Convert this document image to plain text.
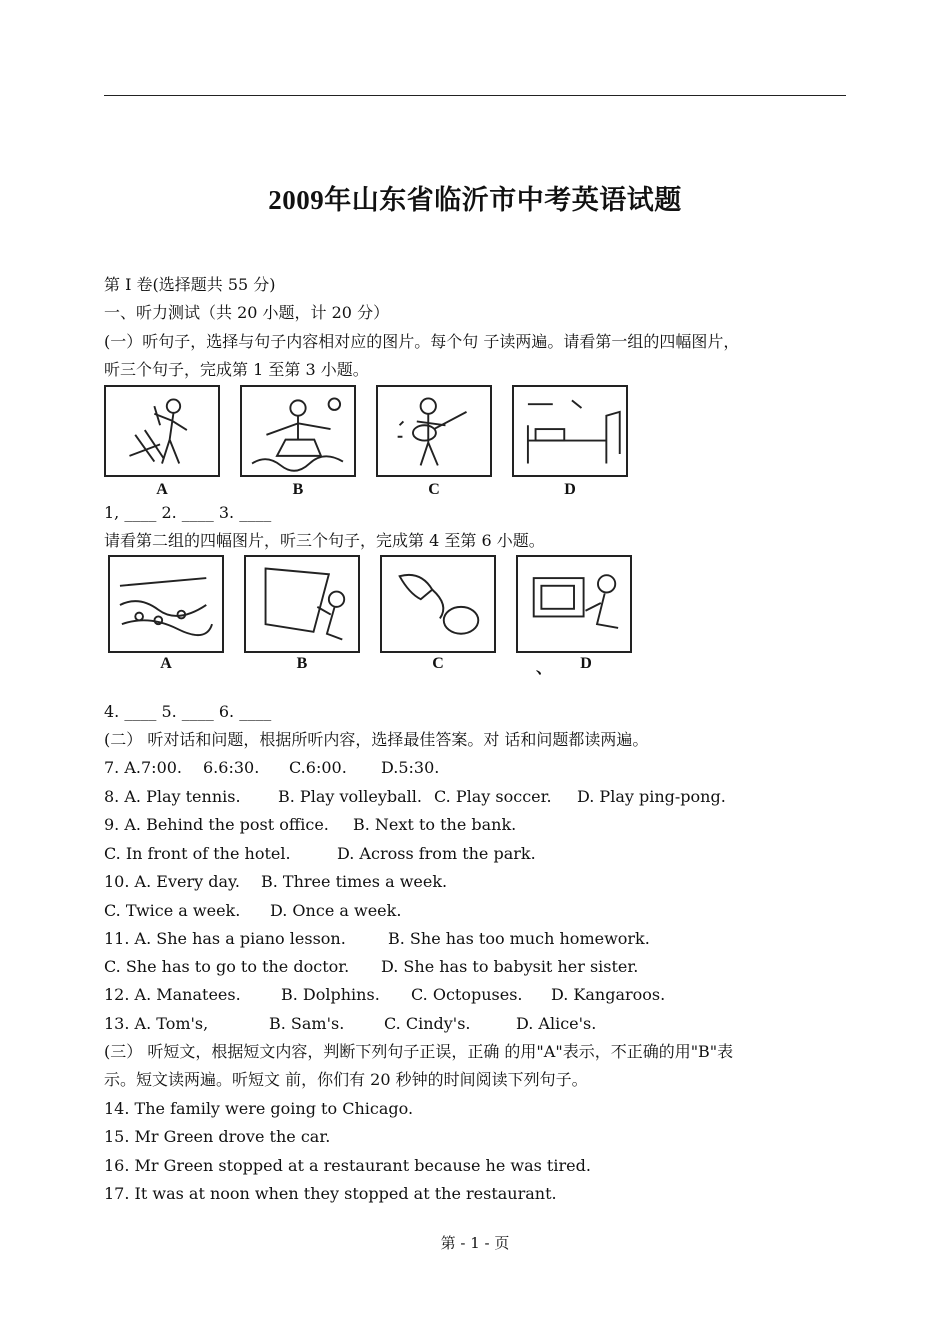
2009年山东省临沂市中考英语试题
第 I 卷(选择题共 55 分)
一、听力测试（共 20 小题，计 20 分）
(一）听句子，选择与句子内容相对应的图片。每个句 子读两遍。请看第一组的四幅图片，
听三个句子，完成第 1 至第 3 小题。
A	B	C	D
1, ____ 2. ____ 3. ____
请看第二组的四幅图片，听三个句子，完成第 4 至第 6 小题。
A	B	C	、	D
4. ____ 5. ____ 6. ____
(二） 听对话和问题，根据所听内容，选择最佳答案。对 话和问题都读两遍。
7. A.7:00. 6.6:30. C.6:00. D.5:30.
8. A. Play tennis. B. Play volleyball. C. Play soccer. D. Play ping-pong.
9. A. Behind the post office. B. Next to the bank.
C. In front of the hotel.	D. Across from the park.
10. A. Every day. B. Three times a week.
C. Twice a week. D. Once a week.
11. A. She has a piano lesson.	B. She has too much homework.
C. She has to go to the doctor. D. She has to babysit her sister.
12. A. Manatees.	B. Dolphins. C. Octopuses. D. Kangaroos.
13. A. Tom's,	B. Sam's. C. Cindy's.	D. Alice's.
(三） 听短文，根据短文内容，判断下列句子正误，正确 的用"A"表示，不正确的用"B"表
示。短文读两遍。听短文 前，你们有 20 秒钟的时间阅读下列句子。
14. The family were going to Chicago.
15. Mr Green drove the car.
16. Mr Green stopped at a restaurant because he was tired.
17. It was at noon when they stopped at the restaurant.
第 - 1 - 页
